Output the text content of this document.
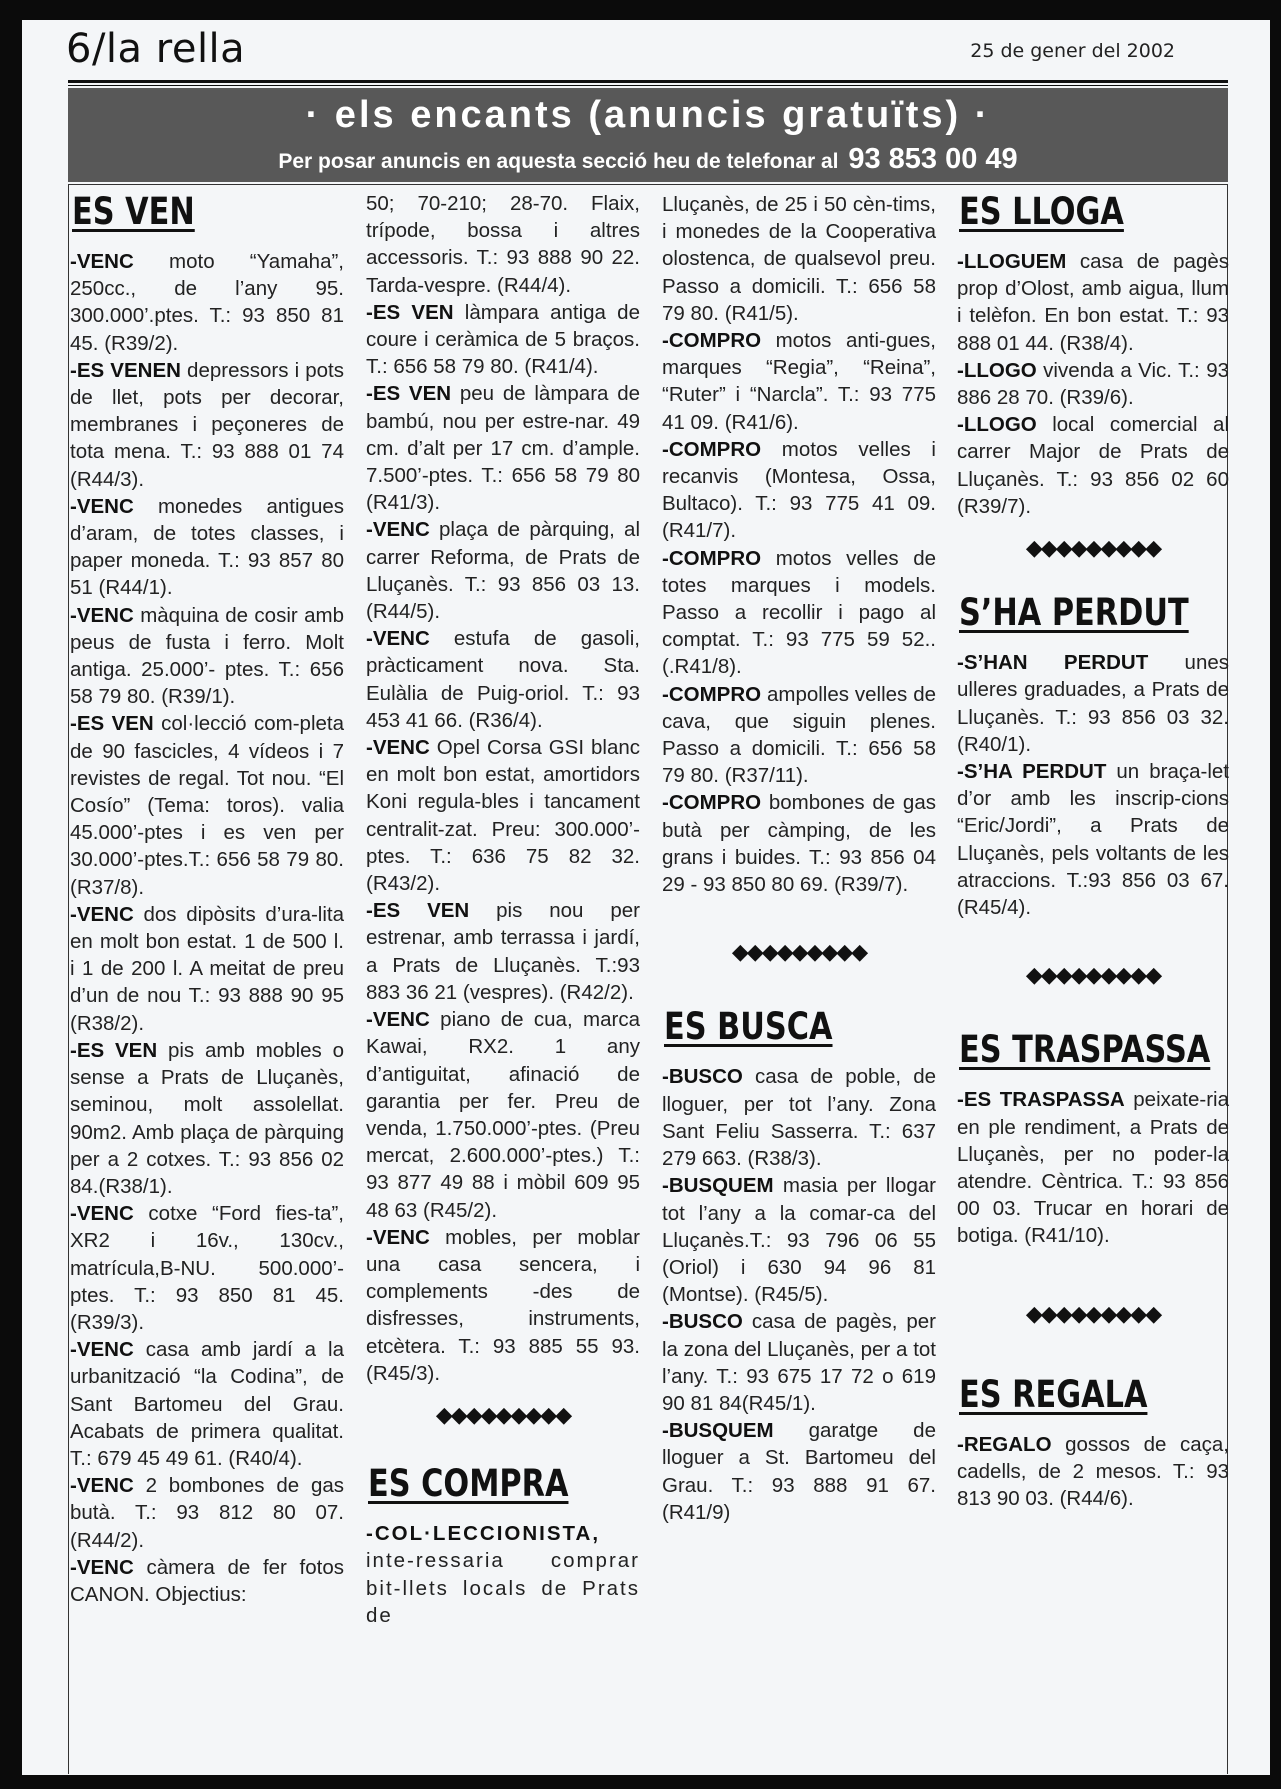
6/la rella	25 de gener del 2002
· els encants (anuncis gratuïts) ·
Per posar anuncis en aquesta secció heu de telefonar al 93 853 00 49
ES VEN

-VENC moto “Yamaha”, 250cc., de l’any 95. 300.000’.ptes. T.: 93 850 81 45. (R39/2).

-ES VENEN depressors i pots de llet, pots per decorar, membranes i peçoneres de tota mena. T.: 93 888 01 74 (R44/3).

-VENC monedes antigues d’aram, de totes classes, i paper moneda. T.: 93 857 80 51 (R44/1).

-VENC màquina de cosir amb peus de fusta i ferro. Molt antiga. 25.000’- ptes. T.: 656 58 79 80. (R39/1).

-ES VEN col·lecció com-pleta de 90 fascicles, 4 vídeos i 7 revistes de regal. Tot nou. “El Cosío” (Tema: toros). valia 45.000’-ptes i es ven per 30.000’-ptes.T.: 656 58 79 80. (R37/8).

-VENC dos dipòsits d’ura-lita en molt bon estat. 1 de 500 l. i 1 de 200 l. A meitat de preu d’un de nou T.: 93 888 90 95 (R38/2).

-ES VEN pis amb mobles o sense a Prats de Lluçanès, seminou, molt assolellat. 90m2. Amb plaça de pàrquing per a 2 cotxes. T.: 93 856 02 84.(R38/1).

-VENC cotxe “Ford fies-ta”, XR2 i 16v., 130cv., matrícula,B-NU. 500.000’-ptes. T.: 93 850 81 45. (R39/3).

-VENC casa amb jardí a la urbanització “la Codina”, de Sant Bartomeu del Grau. Acabats de primera qualitat. T.: 679 45 49 61. (R40/4).

-VENC 2 bombones de gas butà. T.: 93 812 80 07. (R44/2).

-VENC càmera de fer fotos CANON. Objectius:

50; 70-210; 28-70. Flaix, trípode, bossa i altres accessoris. T.: 93 888 90 22. Tarda-vespre. (R44/4).

-ES VEN làmpara antiga de coure i ceràmica de 5 braços. T.: 656 58 79 80. (R41/4).

-ES VEN peu de làmpara de bambú, nou per estre-nar. 49 cm. d’alt per 17 cm. d’ample. 7.500’-ptes. T.: 656 58 79 80 (R41/3).

-VENC plaça de pàrquing, al carrer Reforma, de Prats de Lluçanès. T.: 93 856 03 13. (R44/5).

-VENC estufa de gasoli, pràcticament nova. Sta. Eulàlia de Puig-oriol. T.: 93 453 41 66. (R36/4).

-VENC Opel Corsa GSI blanc en molt bon estat, amortidors Koni regula-bles i tancament centralit-zat. Preu: 300.000’- ptes. T.: 636 75 82 32. (R43/2).

-ES VEN pis nou per estrenar, amb terrassa i jardí, a Prats de Lluçanès. T.:93 883 36 21 (vespres). (R42/2).

-VENC piano de cua, marca Kawai, RX2. 1 any d’antiguitat, afinació de garantia per fer. Preu de venda, 1.750.000’-ptes. (Preu mercat, 2.600.000’-ptes.) T.: 93 877 49 88 i mòbil 609 95 48 63 (R45/2).

-VENC mobles, per moblar una casa sencera, i complements -des de disfresses, instruments, etcètera. T.: 93 885 55 93. (R45/3).

◆◆◆◆◆◆◆◆◆
ES COMPRA

-COL·LECCIONISTA, inte-ressaria comprar bit-llets locals de Prats de

Lluçanès, de 25 i 50 cèn-tims, i monedes de la Cooperativa olostenca, de qualsevol preu. Passo a domicili. T.: 656 58 79 80. (R41/5).

-COMPRO motos anti-gues, marques “Regia”, “Reina”, “Ruter” i “Narcla”. T.: 93 775 41 09. (R41/6).

-COMPRO motos velles i recanvis (Montesa, Ossa, Bultaco). T.: 93 775 41 09.(R41/7).

-COMPRO motos velles de totes marques i models. Passo a recollir i pago al comptat. T.: 93 775 59 52.. (.R41/8).

-COMPRO ampolles velles de cava, que siguin plenes. Passo a domicili. T.: 656 58 79 80. (R37/11).

-COMPRO bombones de gas butà per càmping, de les grans i buides. T.: 93 856 04 29 - 93 850 80 69. (R39/7).

◆◆◆◆◆◆◆◆◆
ES BUSCA

-BUSCO casa de poble, de lloguer, per tot l’any. Zona Sant Feliu Sasserra. T.: 637 279 663. (R38/3).

-BUSQUEM masia per llogar tot l’any a la comar-ca del Lluçanès.T.: 93 796 06 55 (Oriol) i 630 94 96 81 (Montse). (R45/5).

-BUSCO casa de pagès, per la zona del Lluçanès, per a tot l’any. T.: 93 675 17 72 o 619 90 81 84(R45/1).

-BUSQUEM garatge de lloguer a St. Bartomeu del Grau. T.: 93 888 91 67. (R41/9)

ES LLOGA

-LLOGUEM casa de pagès prop d’Olost, amb aigua, llum i telèfon. En bon estat. T.: 93 888 01 44. (R38/4).

-LLOGO vivenda a Vic. T.: 93 886 28 70. (R39/6).

-LLOGO local comercial al carrer Major de Prats de Lluçanès. T.: 93 856 02 60 (R39/7).

◆◆◆◆◆◆◆◆◆
S’HA PERDUT

-S’HAN PERDUT unes ulleres graduades, a Prats de Lluçanès. T.: 93 856 03 32. (R40/1).

-S’HA PERDUT un braça-let d’or amb les inscrip-cions “Eric/Jordi”, a Prats de Lluçanès, pels voltants de les atraccions. T.:93 856 03 67. (R45/4).

◆◆◆◆◆◆◆◆◆
ES TRASPASSA

-ES TRASPASSA peixate-ria en ple rendiment, a Prats de Lluçanès, per no poder-la atendre. Cèntrica. T.: 93 856 00 03. Trucar en horari de botiga. (R41/10).

◆◆◆◆◆◆◆◆◆
ES REGALA

-REGALO gossos de caça, cadells, de 2 mesos. T.: 93 813 90 03. (R44/6).
